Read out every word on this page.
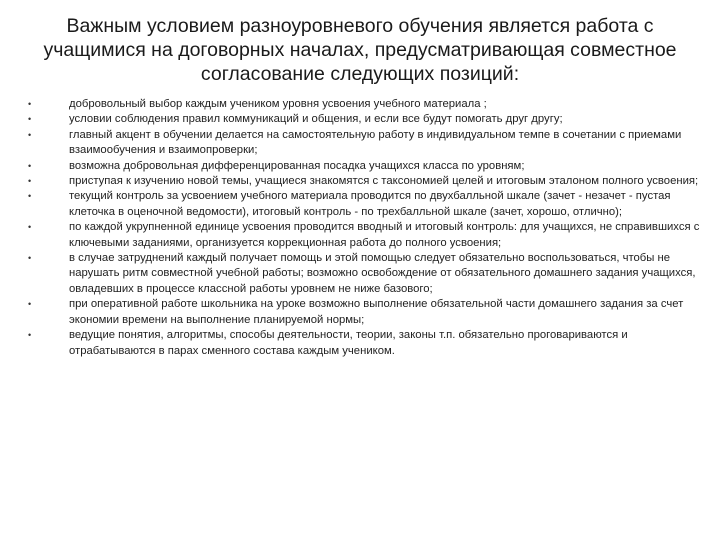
Важным условием разноуровневого обучения является работа с учащимися на договорных началах, предусматривающая совместное согласование следующих позиций:
•	добровольный выбор каждым учеником уровня усвоения учебного материала ;
•	условии соблюдения правил коммуникаций и общения, и если все будут помогать друг другу;
•	главный акцент в обучении делается на самостоятельную работу в индивидуальном темпе в сочетании с приемами взаимообучения и взаимопроверки;
•	возможна добровольная дифференцированная посадка учащихся класса по уровням;
•	приступая к изучению новой темы, учащиеся знакомятся с таксономией целей и итоговым эталоном полного усвоения;
•	текущий контроль за усвоением учебного материала проводится по двухбалльной шкале (зачет - незачет - пустая клеточка в оценочной ведомости), итоговый контроль - по трехбалльной шкале (зачет, хорошо, отлично);
•	по каждой укрупненной единице усвоения проводится вводный и итоговый контроль: для учащихся, не справившихся с ключевыми заданиями, организуется коррекционная работа до полного усвоения;
•	в случае затруднений каждый получает помощь и этой помощью следует обязательно воспользоваться, чтобы не нарушать ритм совместной учебной работы; возможно освобождение от обязательного домашнего задания учащихся, овладевших в процессе классной работы уровнем не ниже базового;
•	при оперативной работе школьника на уроке возможно выполнение обязательной части домашнего задания за счет экономии времени на выполнение планируемой нормы;
•	ведущие понятия, алгоритмы, способы деятельности, теории, законы т.п. обязательно проговариваются и отрабатываются в парах сменного состава каждым учеником.
